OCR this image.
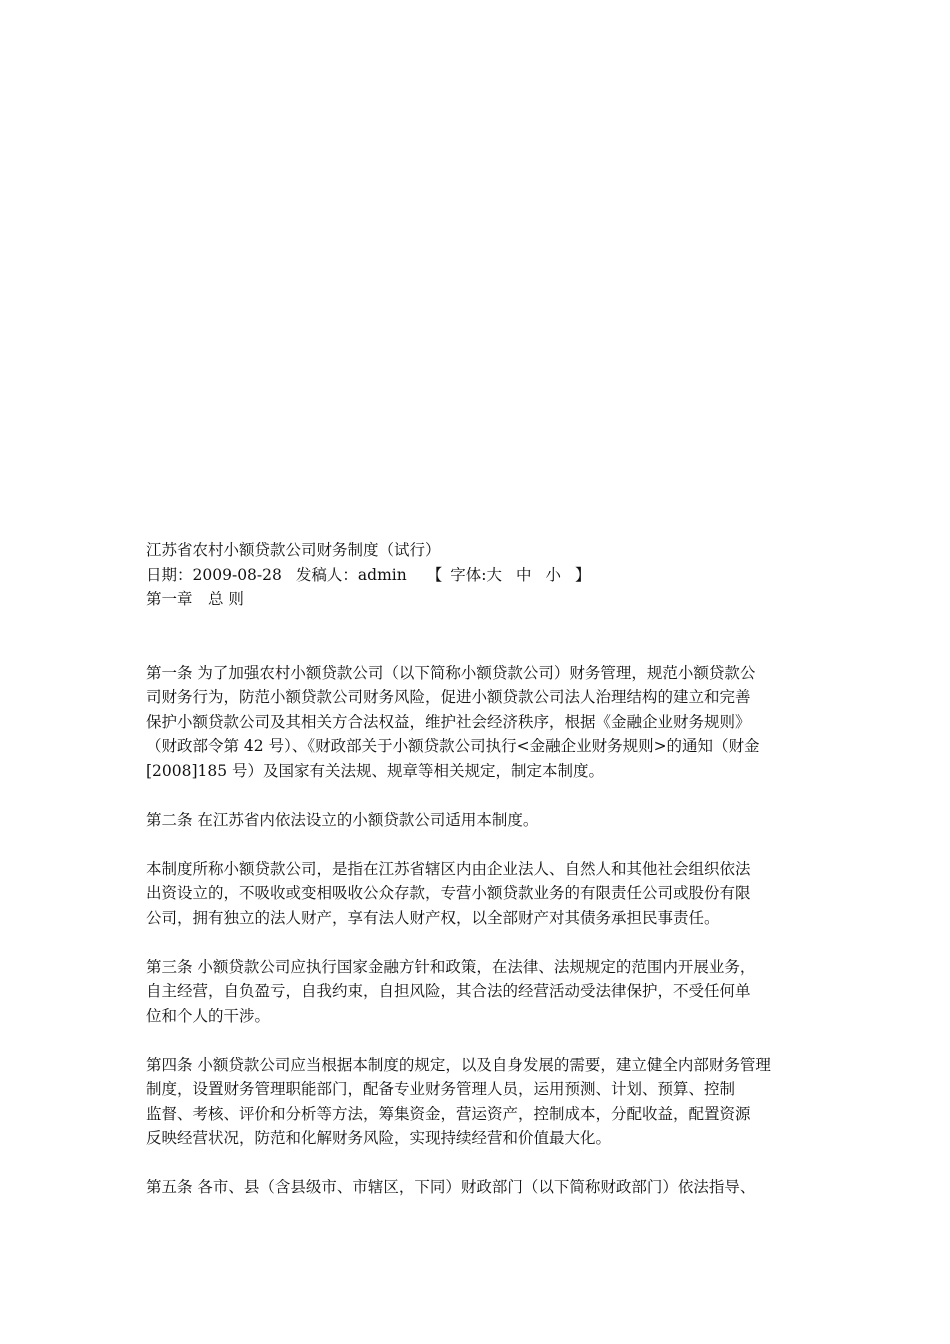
江苏省农村小额贷款公司财务制度（试行）

日期：2009-08-28 发稿人：admin 【 字体:大 中 小 】

第一章　总 则

第一条 为了加强农村小额贷款公司（以下简称小额贷款公司）财务管理，规范小额贷款公

司财务行为，防范小额贷款公司财务风险，促进小额贷款公司法人治理结构的建立和完善

保护小额贷款公司及其相关方合法权益，维护社会经济秩序，根据《金融企业财务规则》

（财政部令第 42 号）、《财政部关于小额贷款公司执行<金融企业财务规则>的通知（财金

[2008]185 号）及国家有关法规、规章等相关规定，制定本制度。

第二条 在江苏省内依法设立的小额贷款公司适用本制度。

本制度所称小额贷款公司，是指在江苏省辖区内由企业法人、自然人和其他社会组织依法

出资设立的，不吸收或变相吸收公众存款，专营小额贷款业务的有限责任公司或股份有限

公司，拥有独立的法人财产，享有法人财产权，以全部财产对其债务承担民事责任。

第三条 小额贷款公司应执行国家金融方针和政策，在法律、法规规定的范围内开展业务，

自主经营，自负盈亏，自我约束，自担风险，其合法的经营活动受法律保护，不受任何单

位和个人的干涉。

第四条 小额贷款公司应当根据本制度的规定，以及自身发展的需要，建立健全内部财务管理

制度，设置财务管理职能部门，配备专业财务管理人员，运用预测、计划、预算、控制

监督、考核、评价和分析等方法，筹集资金，营运资产，控制成本，分配收益，配置资源

反映经营状况，防范和化解财务风险，实现持续经营和价值最大化。

第五条 各市、县（含县级市、市辖区，下同）财政部门（以下简称财政部门）依法指导、
